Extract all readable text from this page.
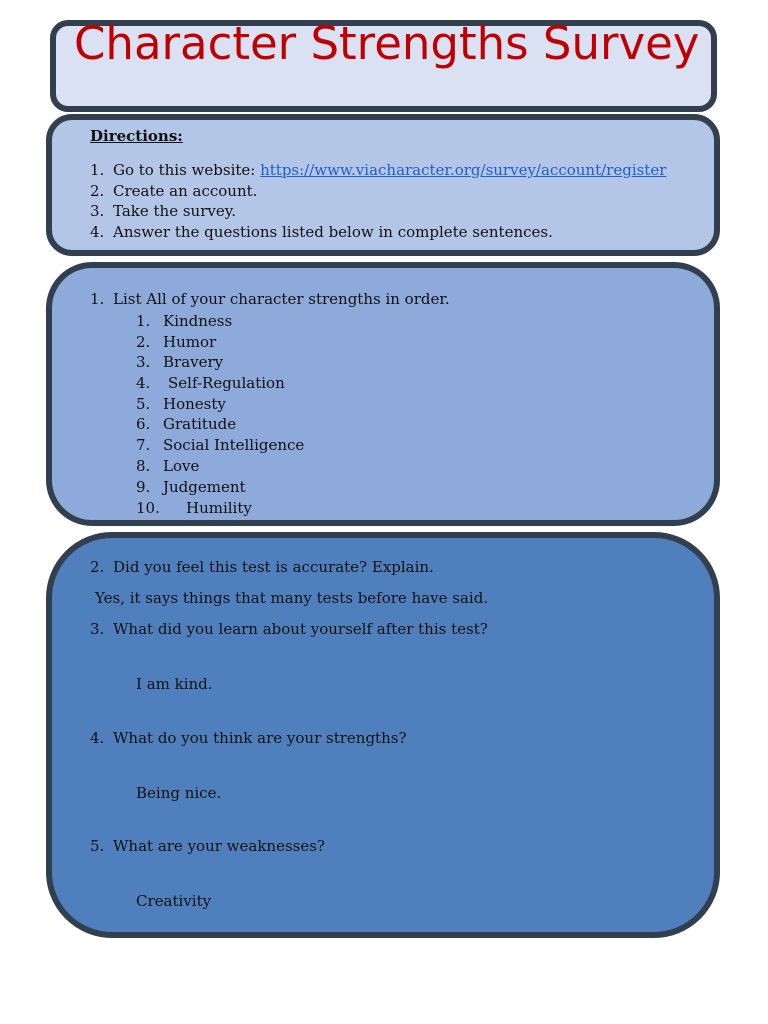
Character Strengths Survey
Directions:
1. Go to this website: https://www.viacharacter.org/survey/account/register
2. Create an account.
3. Take the survey.
4. Answer the questions listed below in complete sentences.
1. List All of your character strengths in order.
1. Kindness
2. Humor
3. Bravery
4. Self-Regulation
5. Honesty
6. Gratitude
7. Social Intelligence
8. Love
9. Judgement
10. Humility
2. Did you feel this test is accurate? Explain.
Yes, it says things that many tests before have said.
3. What did you learn about yourself after this test?
I am kind.
4. What do you think are your strengths?
Being nice.
5. What are your weaknesses?
Creativity
